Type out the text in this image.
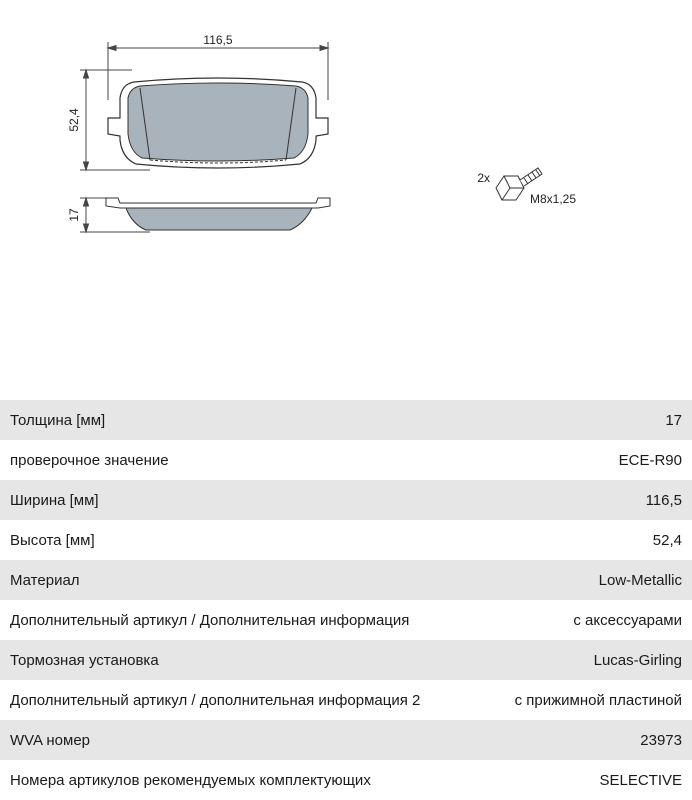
116,5
52,4
17
2x
M8x1,25
Толщина [мм]	17
проверочное значение	ECE-R90
Ширина [мм]	116,5
Высота [мм]	52,4
Материал	Low-Metallic
Дополнительный артикул / Дополнительная информация	с аксессуарами
Тормозная установка	Lucas-Girling
Дополнительный артикул / дополнительная информация 2	с прижимной пластиной
WVA номер	23973
Номера артикулов рекомендуемых комплектующих	SELECTIVE
